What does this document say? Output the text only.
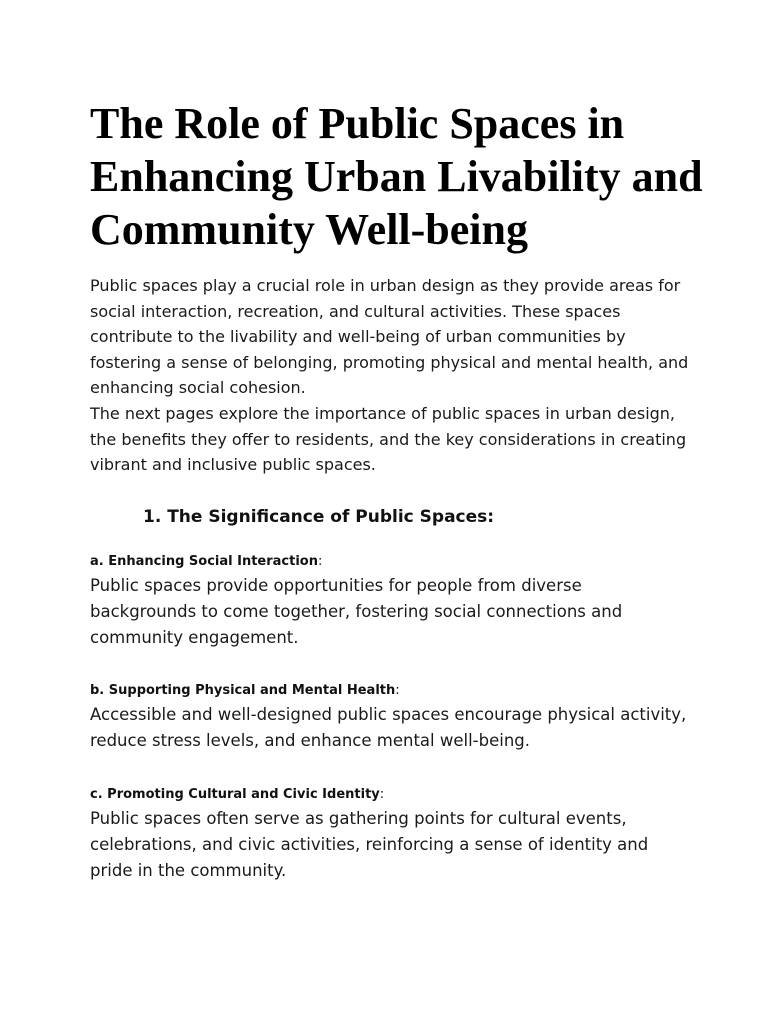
The Role of Public Spaces in Enhancing Urban Livability and Community Well-being

Public spaces play a crucial role in urban design as they provide areas for social interaction, recreation, and cultural activities. These spaces contribute to the livability and well-being of urban communities by fostering a sense of belonging, promoting physical and mental health, and enhancing social cohesion.

The next pages explore the importance of public spaces in urban design, the benefits they offer to residents, and the key considerations in creating vibrant and inclusive public spaces.

1. The Significance of Public Spaces:

a. Enhancing Social Interaction:

Public spaces provide opportunities for people from diverse backgrounds to come together, fostering social connections and community engagement.

b. Supporting Physical and Mental Health:

Accessible and well-designed public spaces encourage physical activity, reduce stress levels, and enhance mental well-being.

c. Promoting Cultural and Civic Identity:

Public spaces often serve as gathering points for cultural events, celebrations, and civic activities, reinforcing a sense of identity and pride in the community.
